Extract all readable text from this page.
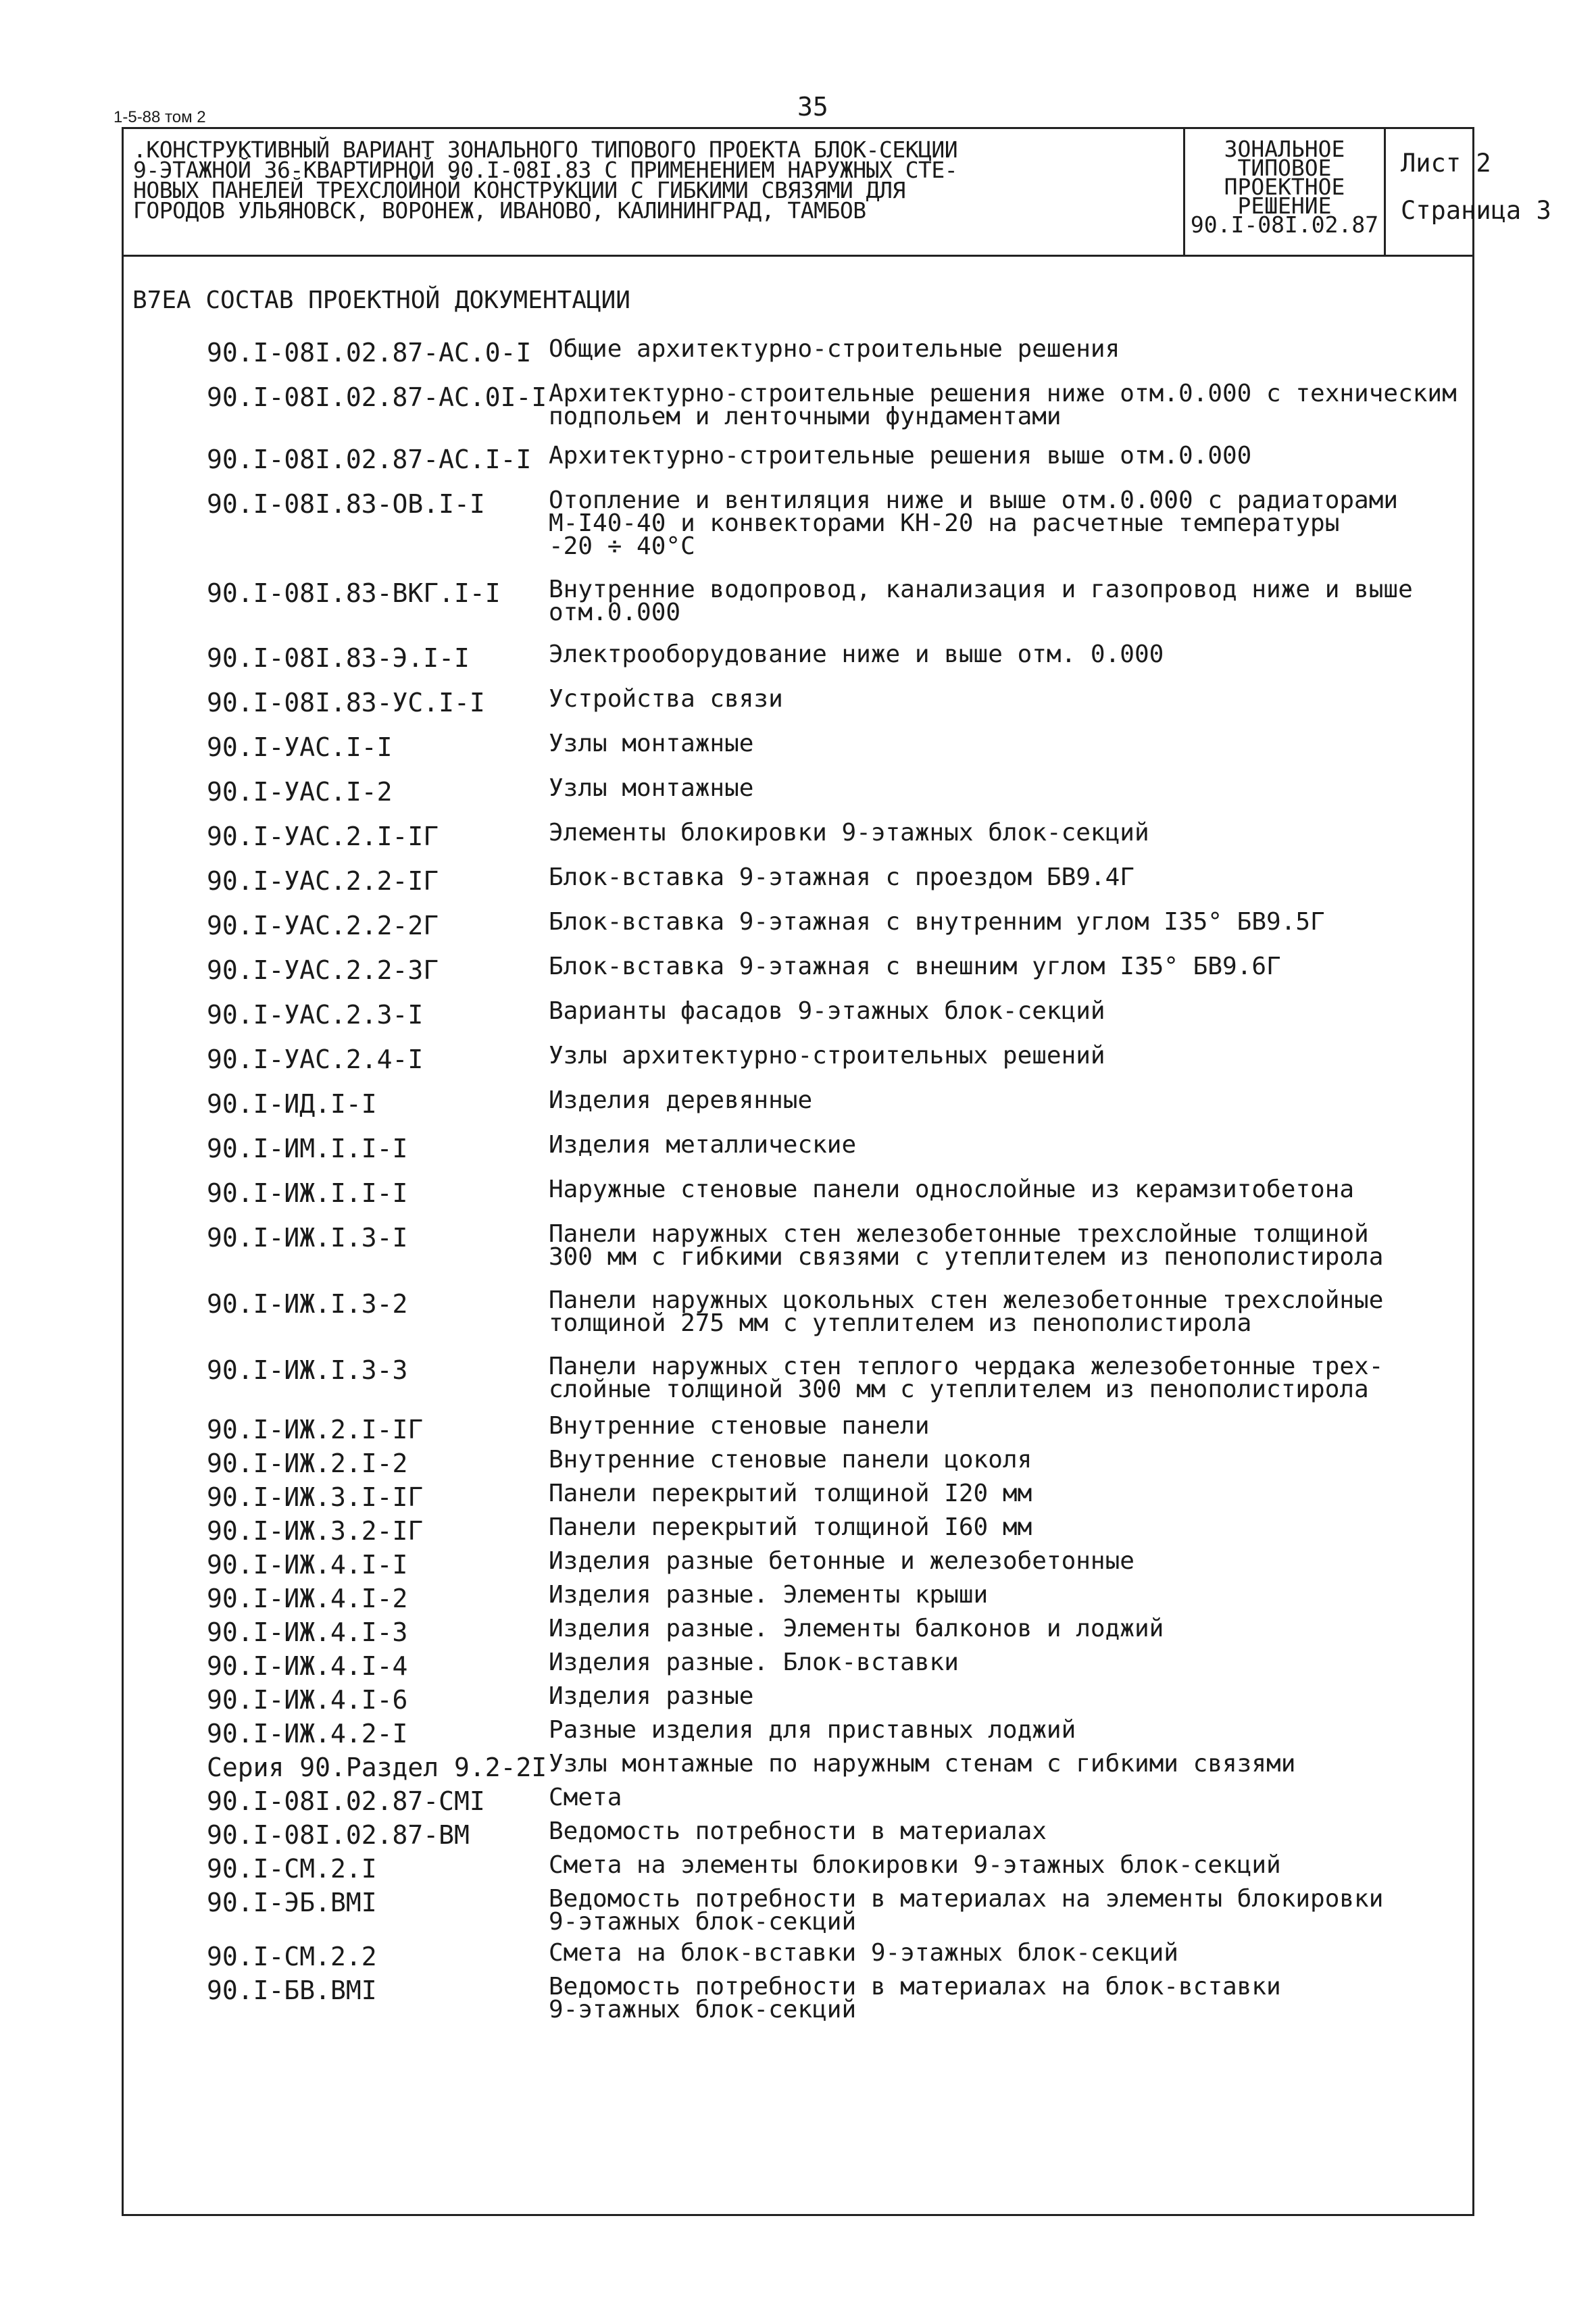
1-5-88 том 2	35
.КОНСТРУКТИВНЫЙ ВАРИАНТ ЗОНАЛЬНОГО ТИПОВОГО ПРОЕКТА БЛОК-СЕКЦИИ
9-ЭТАЖНОЙ 36-КВАРТИРНОЙ 90.I-08I.83 С ПРИМЕНЕНИЕМ НАРУЖНЫХ СТЕ-
НОВЫХ ПАНЕЛЕЙ ТРЕХСЛОЙНОЙ КОНСТРУКЦИИ С ГИБКИМИ СВЯЗЯМИ ДЛЯ
ГОРОДОВ УЛЬЯНОВСК, ВОРОНЕЖ, ИВАНОВО, КАЛИНИНГРАД, ТАМБОВ
ЗОНАЛЬНОЕ
ТИПОВОЕ
ПРОЕКТНОЕ
РЕШЕНИЕ
90.I-08I.02.87
Лист 2
Страница 3
В7ЕА СОСТАВ ПРОЕКТНОЙ ДОКУМЕНТАЦИИ
90.I-08I.02.87-АС.0-I Общие архитектурно-строительные решения
90.I-08I.02.87-АС.0I-I Архитектурно-строительные решения ниже отм.0.000 с техническим
подпольем и ленточными фундаментами
90.I-08I.02.87-АС.I-I Архитектурно-строительные решения выше отм.0.000
90.I-08I.83-ОВ.I-I	Отопление и вентиляция ниже и выше отм.0.000 с радиаторами
М-I40-40 и конвекторами КН-20 на расчетные температуры
-20 ÷ 40°С
90.I-08I.83-ВКГ.I-I Внутренние водопровод, канализация и газопровод ниже и выше
отм.0.000
90.I-08I.83-Э.I-I	Электрооборудование ниже и выше отм. 0.000
90.I-08I.83-УС.I-I	Устройства связи
90.I-УАС.I-I	Узлы монтажные
90.I-УАС.I-2	Узлы монтажные
90.I-УАС.2.I-IГ	Элементы блокировки 9-этажных блок-секций
90.I-УАС.2.2-IГ	Блок-вставка 9-этажная с проездом БВ9.4Г
90.I-УАС.2.2-2Г	Блок-вставка 9-этажная с внутренним углом I35° БВ9.5Г
90.I-УАС.2.2-3Г	Блок-вставка 9-этажная с внешним углом I35° БВ9.6Г
90.I-УАС.2.3-I	Варианты фасадов 9-этажных блок-секций
90.I-УАС.2.4-I	Узлы архитектурно-строительных решений
90.I-ИД.I-I	Изделия деревянные
90.I-ИМ.I.I-I	Изделия металлические
90.I-ИЖ.I.I-I	Наружные стеновые панели однослойные из керамзитобетона
90.I-ИЖ.I.3-I	Панели наружных стен железобетонные трехслойные толщиной
300 мм с гибкими связями с утеплителем из пенополистирола
90.I-ИЖ.I.3-2	Панели наружных цокольных стен железобетонные трехслойные
толщиной 275 мм с утеплителем из пенополистирола
90.I-ИЖ.I.3-3	Панели наружных стен теплого чердака железобетонные трех-
слойные толщиной 300 мм с утеплителем из пенополистирола
90.I-ИЖ.2.I-IГ	Внутренние стеновые панели
90.I-ИЖ.2.I-2	Внутренние стеновые панели цоколя
90.I-ИЖ.3.I-IГ	Панели перекрытий толщиной I20 мм
90.I-ИЖ.3.2-IГ	Панели перекрытий толщиной I60 мм
90.I-ИЖ.4.I-I	Изделия разные бетонные и железобетонные
90.I-ИЖ.4.I-2	Изделия разные. Элементы крыши
90.I-ИЖ.4.I-3	Изделия разные. Элементы балконов и лоджий
90.I-ИЖ.4.I-4	Изделия разные. Блок-вставки
90.I-ИЖ.4.I-6	Изделия разные
90.I-ИЖ.4.2-I	Разные изделия для приставных лоджий
Серия 90.Раздел 9.2-2I Узлы монтажные по наружным стенам с гибкими связями
90.I-08I.02.87-СМI	Смета
90.I-08I.02.87-ВМ	Ведомость потребности в материалах
90.I-СМ.2.I	Смета на элементы блокировки 9-этажных блок-секций
90.I-ЭБ.ВМI	Ведомость потребности в материалах на элементы блокировки
9-этажных блок-секций
90.I-СМ.2.2	Смета на блок-вставки 9-этажных блок-секций
90.I-БВ.ВМI	Ведомость потребности в материалах на блок-вставки
9-этажных блок-секций
